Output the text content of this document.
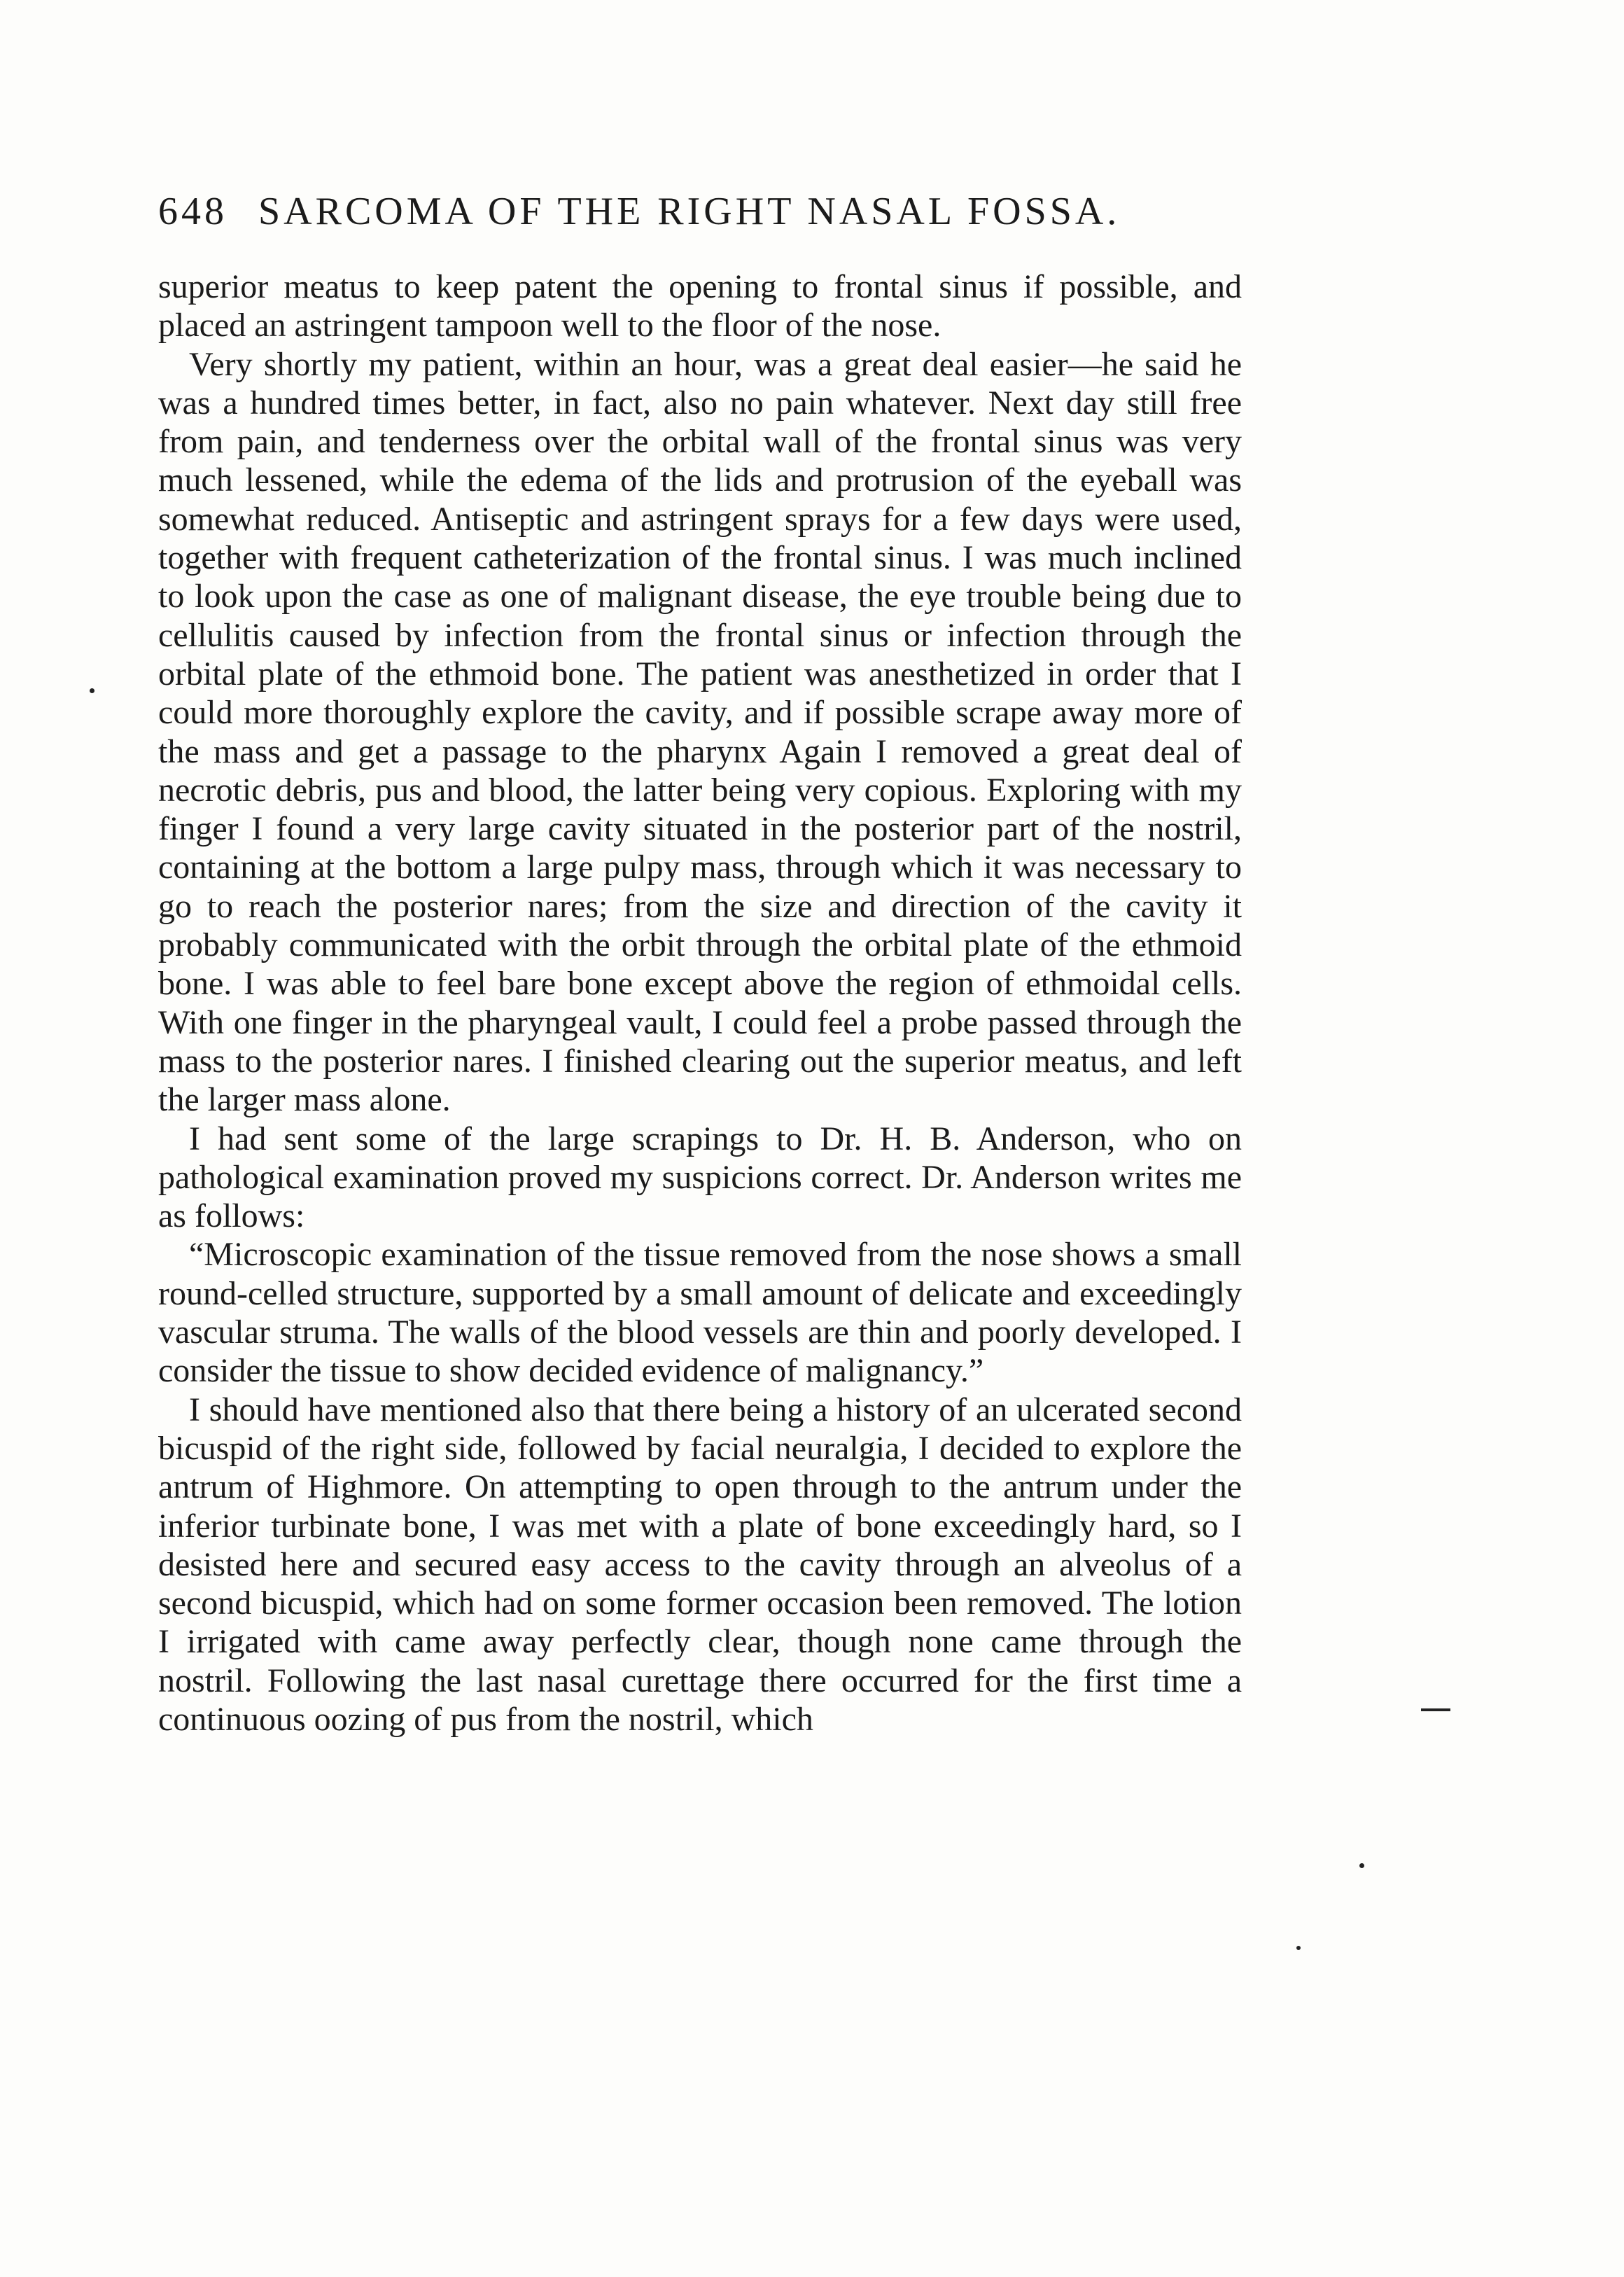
648 SARCOMA OF THE RIGHT NASAL FOSSA.

superior meatus to keep patent the opening to frontal sinus if possible, and placed an astringent tampoon well to the floor of the nose.

Very shortly my patient, within an hour, was a great deal easier—he said he was a hundred times better, in fact, also no pain whatever. Next day still free from pain, and tenderness over the orbital wall of the frontal sinus was very much lessened, while the edema of the lids and protrusion of the eyeball was somewhat reduced. Antiseptic and astringent sprays for a few days were used, together with frequent catheterization of the frontal sinus. I was much inclined to look upon the case as one of malignant disease, the eye trouble being due to cellulitis caused by infection from the frontal sinus or infection through the orbital plate of the ethmoid bone. The patient was anesthetized in order that I could more thoroughly explore the cavity, and if possible scrape away more of the mass and get a passage to the pharynx Again I removed a great deal of necrotic debris, pus and blood, the latter being very copious. Exploring with my finger I found a very large cavity situated in the posterior part of the nostril, containing at the bottom a large pulpy mass, through which it was necessary to go to reach the posterior nares; from the size and direction of the cavity it probably communicated with the orbit through the orbital plate of the ethmoid bone. I was able to feel bare bone except above the region of ethmoidal cells. With one finger in the pharyngeal vault, I could feel a probe passed through the mass to the posterior nares. I finished clearing out the superior meatus, and left the larger mass alone.

I had sent some of the large scrapings to Dr. H. B. Anderson, who on pathological examination proved my suspicions correct. Dr. Anderson writes me as follows:

“Microscopic examination of the tissue removed from the nose shows a small round-celled structure, supported by a small amount of delicate and exceedingly vascular struma. The walls of the blood vessels are thin and poorly developed. I consider the tissue to show decided evidence of malignancy.”

I should have mentioned also that there being a history of an ulcerated second bicuspid of the right side, followed by facial neuralgia, I decided to explore the antrum of Highmore. On attempting to open through to the antrum under the inferior turbinate bone, I was met with a plate of bone exceedingly hard, so I desisted here and secured easy access to the cavity through an alveolus of a second bicuspid, which had on some former occasion been removed. The lotion I irrigated with came away perfectly clear, though none came through the nostril. Following the last nasal curettage there occurred for the first time a continuous oozing of pus from the nostril, which
